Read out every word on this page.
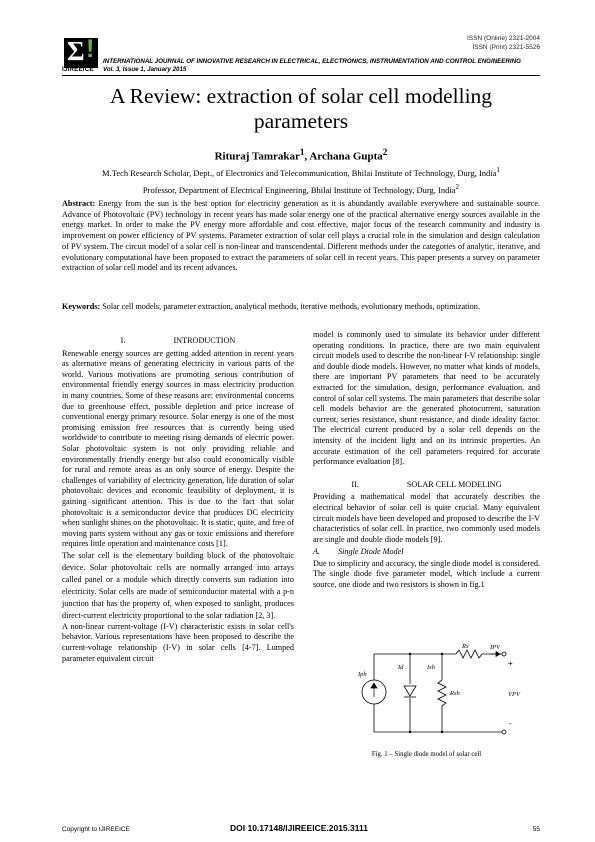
Σ !
IJIREEICE
ISSN (Online) 2321-2004
ISSN (Print) 2321-5526
INTERNATIONAL JOURNAL OF INNOVATIVE RESEARCH IN ELECTRICAL, ELECTRONICS, INSTRUMENTATION AND CONTROL ENGINEERING
Vol. 3, Issue 1, January 2015
A Review: extraction of solar cell modelling parameters
Rituraj Tamrakar$^1$, Archana Gupta$^2$
M.Tech Research Scholar, Dept., of Electronics and Telecommunication, Bhilai Institute of Technology, Durg, India$^1$
Professor, Department of Electrical Engineering, Bhilai Institute of Technology, Durg, India$^2$
Abstract: Energy from the sun is the best option for electricity generation as it is abundantly available everywhere and sustainable source. Advance of Photovoltaic (PV) technology in recent years has made solar energy one of the practical alternative energy sources available in the energy market. In order to make the PV energy more affordable and cost effective, major focus of the research community and industry is improvement on power efficiency of PV systems. Parameter extraction of solar cell plays a crucial role in the simulation and design calculation of PV system. The circuit model of a solar cell is non-linear and transcendental. Different methods under the categories of analytic, iterative, and evolutionary computational have been proposed to extract the parameters of solar cell in recent years. This paper presents a survey on parameter extraction of solar cell model and its recent advances.
Keywords: Solar cell models, parameter extraction, analytical methods, iterative methods, evolutionary methods, optimization.
I.	INTRODUCTION

Renewable energy sources are getting added attention in recent years as alternative means of generating electricity in various parts of the world. Various motivations are promoting serious contribution of environmental friendly energy sources in mass electricity production in many countries. Some of these reasons are: environmental concerns due to greenhouse effect, possible depletion and price increase of conventional energy primary resource. Solar energy is one of the most promising emission free resources that is currently being used worldwide to contribute to meeting rising demands of electric power. Solar photovoltaic system is not only providing reliable and environmentally friendly energy but also could economically visible for rural and remote areas as an only source of energy. Despite the challenges of variability of electricity generation, life duration of solar photovoltaic devices and economic feasibility of deployment, it is gaining significant attention. This is due to the fact that solar photovoltaic is a semiconductor device that produces DC electricity when sunlight shines on the photovoltaic. It is static, quite, and free of moving parts system without any gas or toxic emissions and therefore requires little operation and maintenance costs [1].

The solar cell is the elementary building block of the photovoltaic device. Solar photovoltaic cells are normally arranged into arrays called panel or a module which directly converts sun radiation into electricity. Solar cells are made of semiconductor material with a p-n junction that has the property of, when exposed to sunlight, produces direct-current electricity proportional to the solar radiation [2, 3].

A non-linear current-voltage (I-V) characteristic exists in solar cell's behavior. Various representations have been proposed to describe the current-voltage relationship (I-V) in solar cells [4-7]. Lumped parameter equivalent circuit

model is commonly used to simulate its behavior under different operating conditions. In practice, there are two main equivalent circuit models used to describe the non-linear I-V relationship: single and double diode models. However, no matter what kinds of models, there are important PV parameters that need to be accurately extracted for the simulation, design, performance evaluation, and control of solar cell systems. The main parameters that describe solar cell models behavior are the generated photocurrent, saturation current, series resistance, shunt resistance, and diode ideality factor. The electrical current produced by a solar cell depends on the intensity of the incident light and on its intrinsic properties. An accurate estimation of the cell parameters required for accurate performance evaluation [8].

II.	SOLAR CELL MODELING

Providing a mathematical model that accurately describes the electrical behavior of solar cell is quite crucial. Many equivalent circuit models have been developed and proposed to describe the I-V characteristics of solar cell. In practice, two commonly used models are single and double diode models [9].

A. Single Diode Model

Due to simplicity and accuracy, the single diode model is considered. The single diode five parameter model, which include a current source, one diode and two resistors is shown in fig.1

Rs
Id	Ish
Iph
Rsh
IPV
VPV
+
-
Fig. 1 – Single diode model of solar cell
Copyright to IJIREEICE	DOI 10.17148/IJIREEICE.2015.3111	55
